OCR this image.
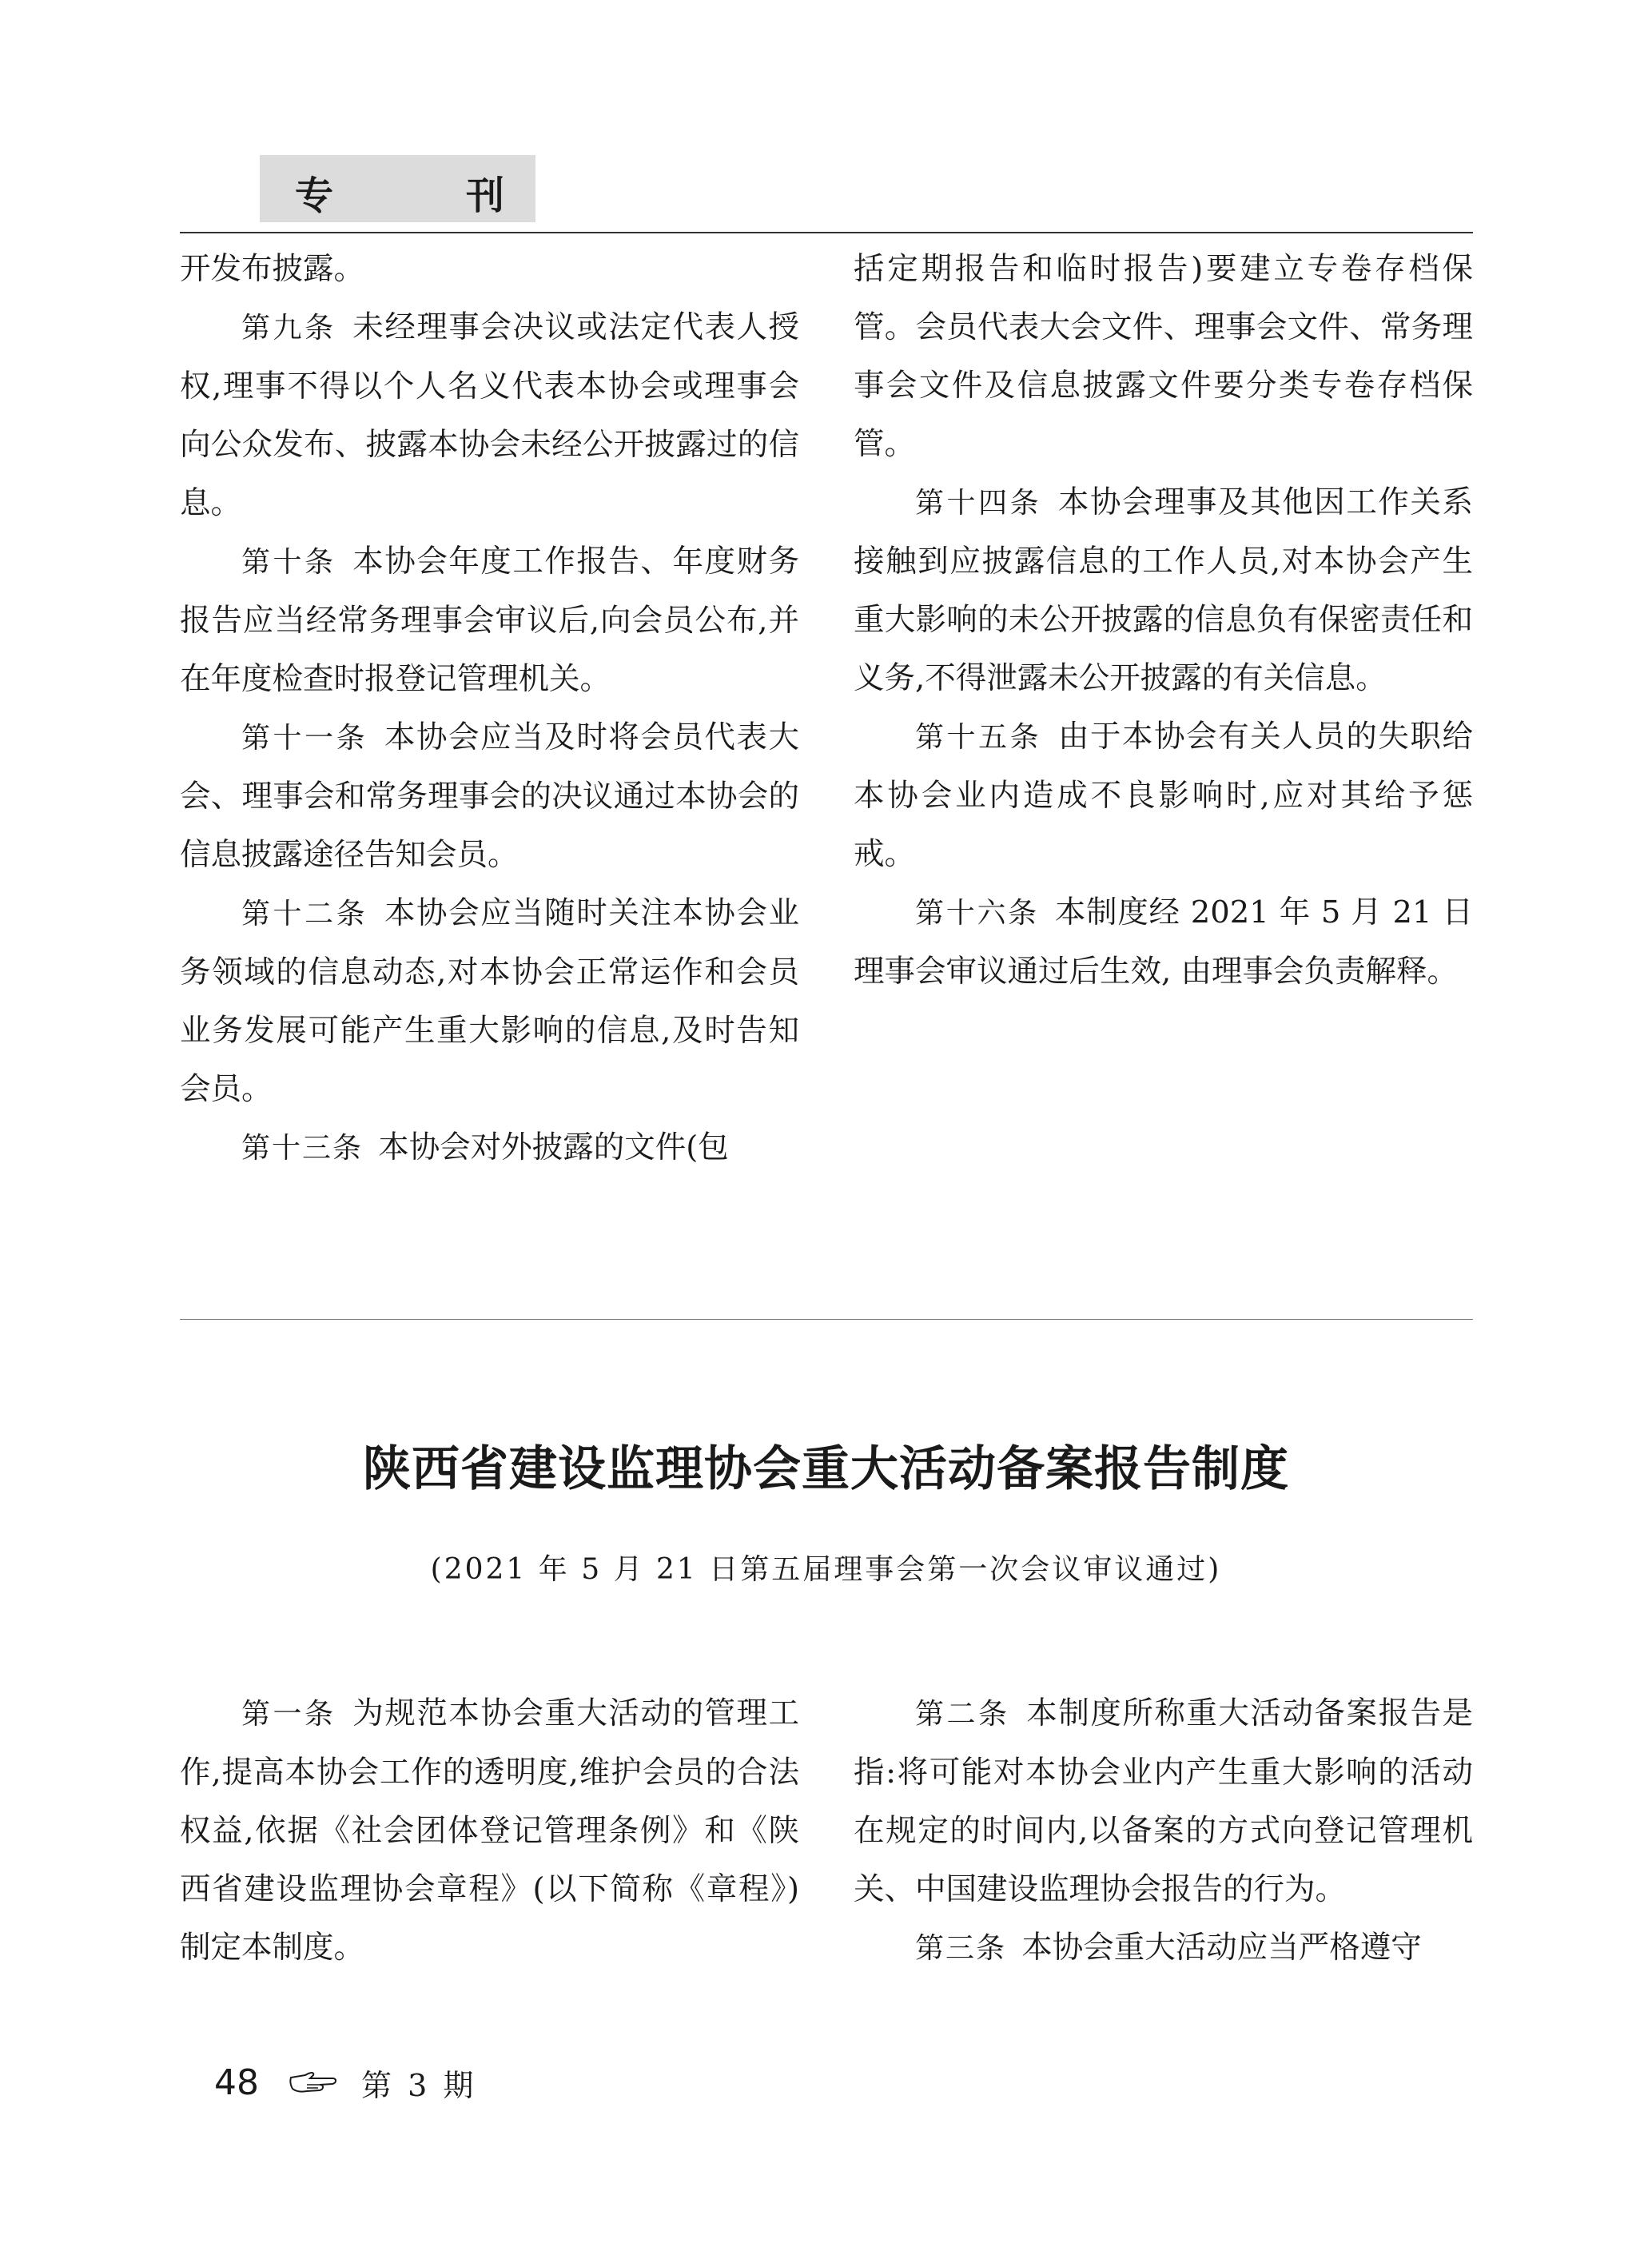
专	刊

开发布披露。

第九条  未经理事会决议或法定代表人授权,理事不得以个人名义代表本协会或理事会向公众发布、披露本协会未经公开披露过的信息。

第十条  本协会年度工作报告、年度财务报告应当经常务理事会审议后,向会员公布,并在年度检查时报登记管理机关。

第十一条  本协会应当及时将会员代表大会、理事会和常务理事会的决议通过本协会的信息披露途径告知会员。

第十二条  本协会应当随时关注本协会业务领域的信息动态,对本协会正常运作和会员业务发展可能产生重大影响的信息,及时告知会员。

第十三条  本协会对外披露的文件(包

括定期报告和临时报告)要建立专卷存档保管。会员代表大会文件、理事会文件、常务理事会文件及信息披露文件要分类专卷存档保管。

第十四条  本协会理事及其他因工作关系接触到应披露信息的工作人员,对本协会产生重大影响的未公开披露的信息负有保密责任和义务,不得泄露未公开披露的有关信息。

第十五条  由于本协会有关人员的失职给本协会业内造成不良影响时,应对其给予惩戒。

第十六条  本制度经 2021 年 5 月 21 日理事会审议通过后生效, 由理事会负责解释。

陕西省建设监理协会重大活动备案报告制度
(2021 年 5 月 21 日第五届理事会第一次会议审议通过)

第一条  为规范本协会重大活动的管理工作,提高本协会工作的透明度,维护会员的合法权益,依据《社会团体登记管理条例》和《陕西省建设监理协会章程》(以下简称《章程》)制定本制度。

第二条  本制度所称重大活动备案报告是指:将可能对本协会业内产生重大影响的活动在规定的时间内,以备案的方式向登记管理机关、中国建设监理协会报告的行为。

第三条  本协会重大活动应当严格遵守

48	第 3 期
